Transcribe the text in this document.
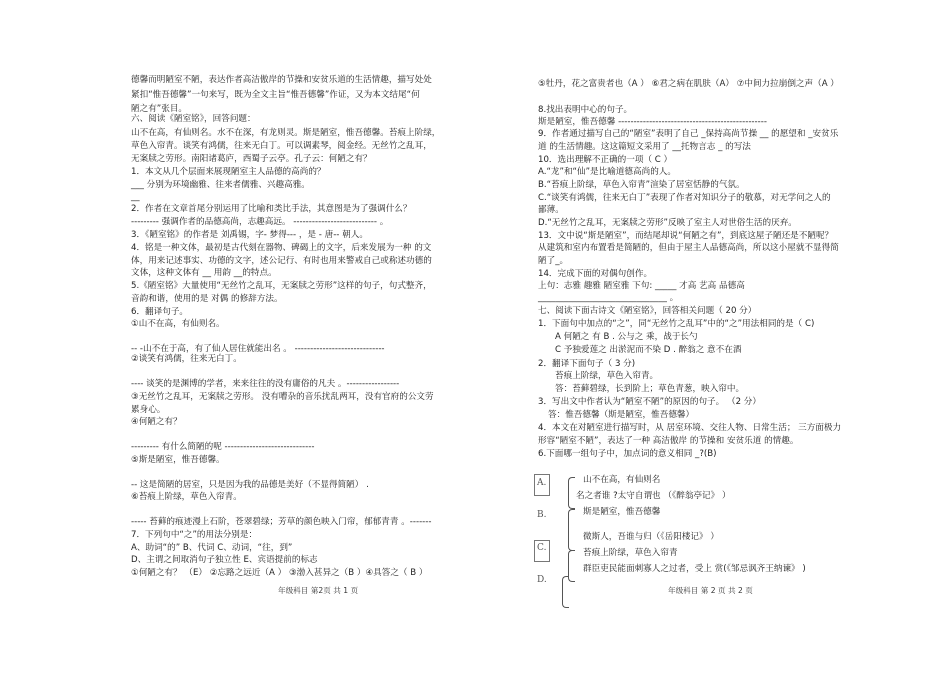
德馨而明陋室不陋，表达作者高洁傲岸的节操和安贫乐道的生活情趣，描写处处
紧扣“惟吾德馨”一句来写，既为全文主旨“惟吾德馨”作证，又为本文结尾“何
陋之有”张目。
六、阅读《陋室铭》，回答问题：
山不在高，有仙则名。水不在深，有龙则灵。斯是陋室，惟吾德馨。苔痕上阶绿，
草色入帘青。谈笑有鸿儒，往来无白丁。可以调素琴，阅金经。无丝竹之乱耳，
无案牍之劳形。南阳诸葛庐，西蜀子云亭。孔子云：何陋之有？
1．本文从几个层面来展现陋室主人品德的高尚的？
___ 分别为环境幽雅、往来者儒雅、兴趣高雅。
__
2．作者在文章首尾分别运用了比喻和类比手法，其意图是为了强调什么？
--------- 强调作者的品德高尚，志趣高远。 --------------------------- 。
3．《陋室铭》的作者是 刘禹锡，字- 梦得--- ，是 - 唐-- 朝人。
4．铭是一种文体，最初是古代刻在器物、碑碣上的文字，后来发展为一种 的文
体，用来记述事实、功德的文字，述公记行、有时也用来警戒自己或称述功德的
文体，这种文体有 __ 用韵 __的特点。
5.《陋室铭》大量使用“无丝竹之乱耳，无案牍之劳形”这样的句子，句式整齐，
音韵和谐，使用的是 对偶 的修辞方法。
6．翻译句子。
①山不在高，有仙则名。
-- -山不在于高，有了仙人居住就能出名 。 -----------------------------
②谈笑有鸿儒，往来无白丁。
---- 谈笑的是渊博的学者，来来往往的没有庸俗的凡夫 。-----------------
③无丝竹之乱耳，无案牍之劳形。 没有嘈杂的音乐扰乱两耳，没有官府的公文劳
累身心。
④何陋之有？
--------- 有什么简陋的呢 -----------------------------
⑤斯是陋室，惟吾德馨。
-- 这是简陋的居室，只是因为我的品德是美好（不显得简陋） .
⑥苔痕上阶绿，草色入帘青。
----- 苔藓的痕迹漫上石阶，苍翠碧绿；芳草的颜色映入门帘，郁郁青青 。-------
7．下列句中“之”的用法分别是：
A、助词“的” B、代词 C、动词，“往，到”
D、主谓之间取消句子独立性 E、宾语提前的标志
①何陋之有？ （E） ②忘路之远近（A ） ③渤入甚异之（B ）④具答之（ B ）
⑤牡丹，花之富贵者也（A ） ⑥君之病在肌肤（A） ⑦中间力拉崩倒之声（A ）
8.找出表明中心的句子。
斯是陋室，惟吾德馨 ------------------------------------------------
9．作者通过描写自己的“陋室”表明了自己 _保持高尚节操 __ 的愿望和 _安贫乐
道 的生活情趣。这这篇短文采用了 __托物言志 _ 的写法
10．选出理解不正确的一项（ C ）
A.“龙”和“仙”是比喻道德高尚的人。
B.“苔痕上阶绿，草色入帘青”渲染了居室恬静的气氛。
C.“谈笑有鸿儒，往来无白丁”表现了作者对知识分子的敬慕，对无学问之人的
鄙薄。
D.“无丝竹之乱耳，无案牍之劳形”反映了室主人对世俗生活的厌弃。
13．文中说“斯是陋室”，而结尾却说“何陋之有”，到底这屋子陋还是不陋呢？
从建筑和室内布置看是简陋的，但由于屋主人品德高尚，所以这小屋就不显得简
陋了_。
14．完成下面的对偶句创作。
上句：志雅 趣雅 陋室雅 下句: _____ 才高 艺高 品德高
______________________________ 。
七、阅读下面古诗文《陋室铭》，回答相关问题（ 20 分）
1．下面句中加点的“之”，同“无丝竹之乱耳”中的“之”用法相同的是（ C)
A 何陋之 有 B . 公与之 乘，战于长勺
C 予独爱莲之 出淤泥而不染 D . 醉翁之 意不在酒
2．翻译下面句子（ 3 分)
苔痕上阶绿，草色入帘青。
答：苔藓碧绿，长到阶上；草色青葱，映入帘中。
3．写出文中作者认为“陋室不陋”的原因的句子。 （2 分）
答：惟吾德馨（斯是陋室，惟吾德馨）
4．本文在对陋室进行描写时，从 居室环境、交往人物、日常生活； 三方面极力
形容“陋室不陋”，表达了一种 高洁傲岸 的节操和 安贫乐道 的情趣。
6.下面哪一组句子中，加点词的意义相同 _?(B)
山不在高，有仙则名
名之者谁 ?太守自谓也 （《醉翁亭记》 ）
斯是陋室，惟吾德馨
微斯人，吾谁与归（《岳阳楼记》 ）
苔痕上阶绿，草色入帘青
群臣吏民能面刺寡人之过者，受上 赏(《邹忌讽齐王纳谏》 )
A.
B.
C.
D.
年级科目 第2页 共 1 页	年级科目 第 2 页 共 2 页
